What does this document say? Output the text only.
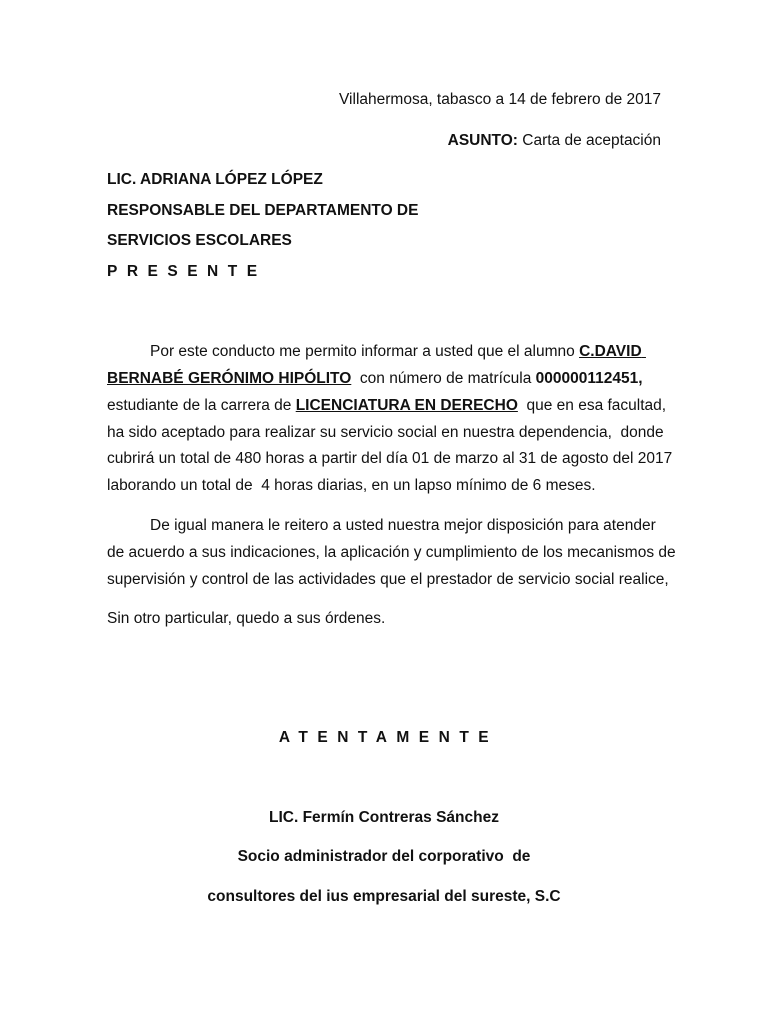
Villahermosa, tabasco a 14 de febrero de 2017
ASUNTO: Carta de aceptación
LIC. ADRIANA LÓPEZ LÓPEZ
RESPONSABLE DEL DEPARTAMENTO DE
SERVICIOS ESCOLARES
PRESENTE
Por este conducto me permito informar a usted que el alumno C.DAVID
BERNABÉ GERÓNIMO HIPÓLITO  con número de matrícula 000000112451,
estudiante de la carrera de LICENCIATURA EN DERECHO  que en esa facultad,
ha sido aceptado para realizar su servicio social en nuestra dependencia,  donde
cubrirá un total de 480 horas a partir del día 01 de marzo al 31 de agosto del 2017
laborando un total de  4 horas diarias, en un lapso mínimo de 6 meses.
De igual manera le reitero a usted nuestra mejor disposición para atender
de acuerdo a sus indicaciones, la aplicación y cumplimiento de los mecanismos de
supervisión y control de las actividades que el prestador de servicio social realice,
Sin otro particular, quedo a sus órdenes.
ATENTAMENTE
LIC. Fermín Contreras Sánchez
Socio administrador del corporativo  de
consultores del ius empresarial del sureste, S.C
